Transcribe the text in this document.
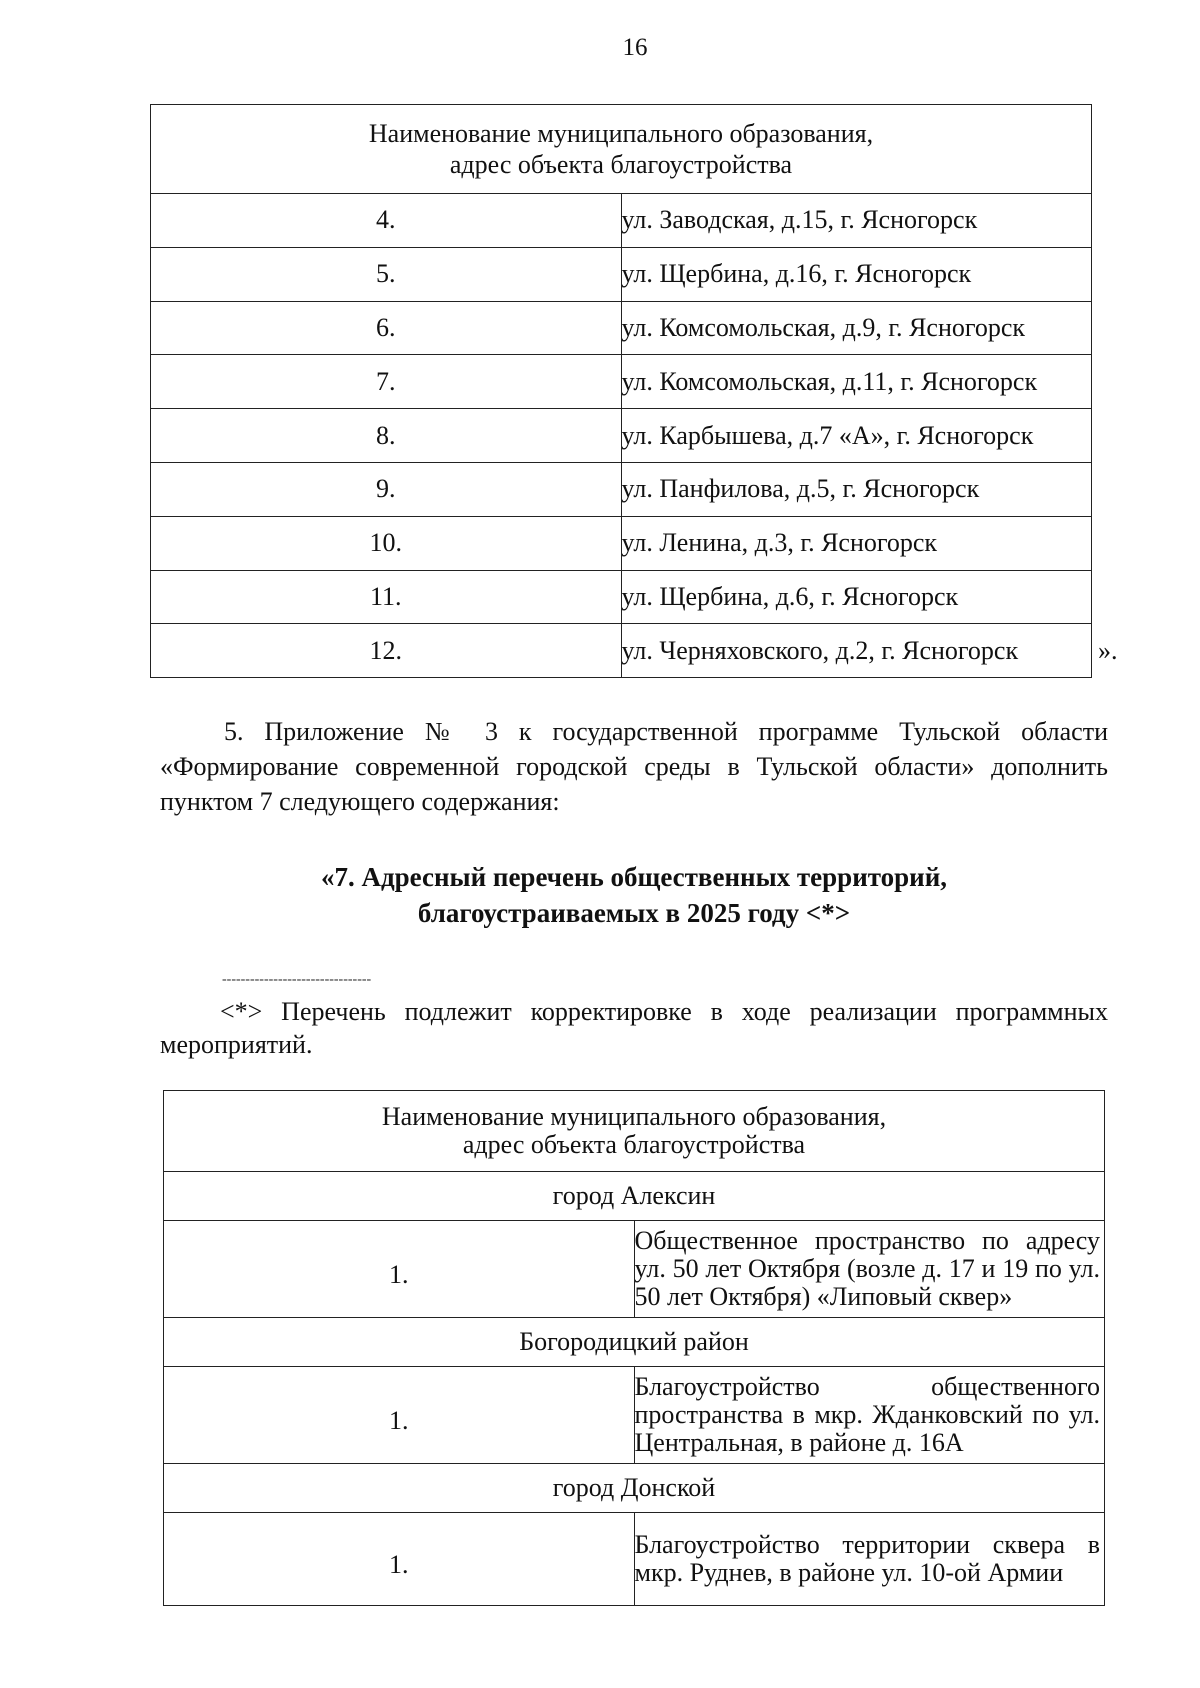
16
Наименование муниципального образования,
адрес объекта благоустройства	

4.	ул. Заводская, д.15, г. Ясногорск
5.	ул. Щербина, д.16, г. Ясногорск
6.	ул. Комсомольская, д.9, г. Ясногорск
7.	ул. Комсомольская, д.11, г. Ясногорск
8.	ул. Карбышева, д.7 «А», г. Ясногорск
9.	ул. Панфилова, д.5, г. Ясногорск
10.	ул. Ленина, д.3, г. Ясногорск
11.	ул. Щербина, д.6, г. Ясногорск
12.	ул. Черняховского, д.2, г. Ясногорск	».
5. Приложение № 3 к государственной программе Тульской области «Формирование современной городской среды в Тульской области» дополнить пунктом 7 следующего содержания:
«7. Адресный перечень общественных территорий,
благоустраиваемых в 2025 году <*>
--------------------------------
<*> Перечень подлежит корректировке в ходе реализации программных мероприятий.
Наименование муниципального образования,
адрес объекта благоустройства	

город Алексин	
1.	Общественное пространство по адресу ул. 50 лет Октября (возле д. 17 и 19 по ул. 50 лет Октября) «Липовый сквер»
Богородицкий район	
1.	Благоустройство общественного пространства в мкр. Жданковский по ул. Центральная, в районе д. 16А
город Донской	
1.	Благоустройство территории сквера в мкр. Руднев, в районе ул. 10-ой Армии
